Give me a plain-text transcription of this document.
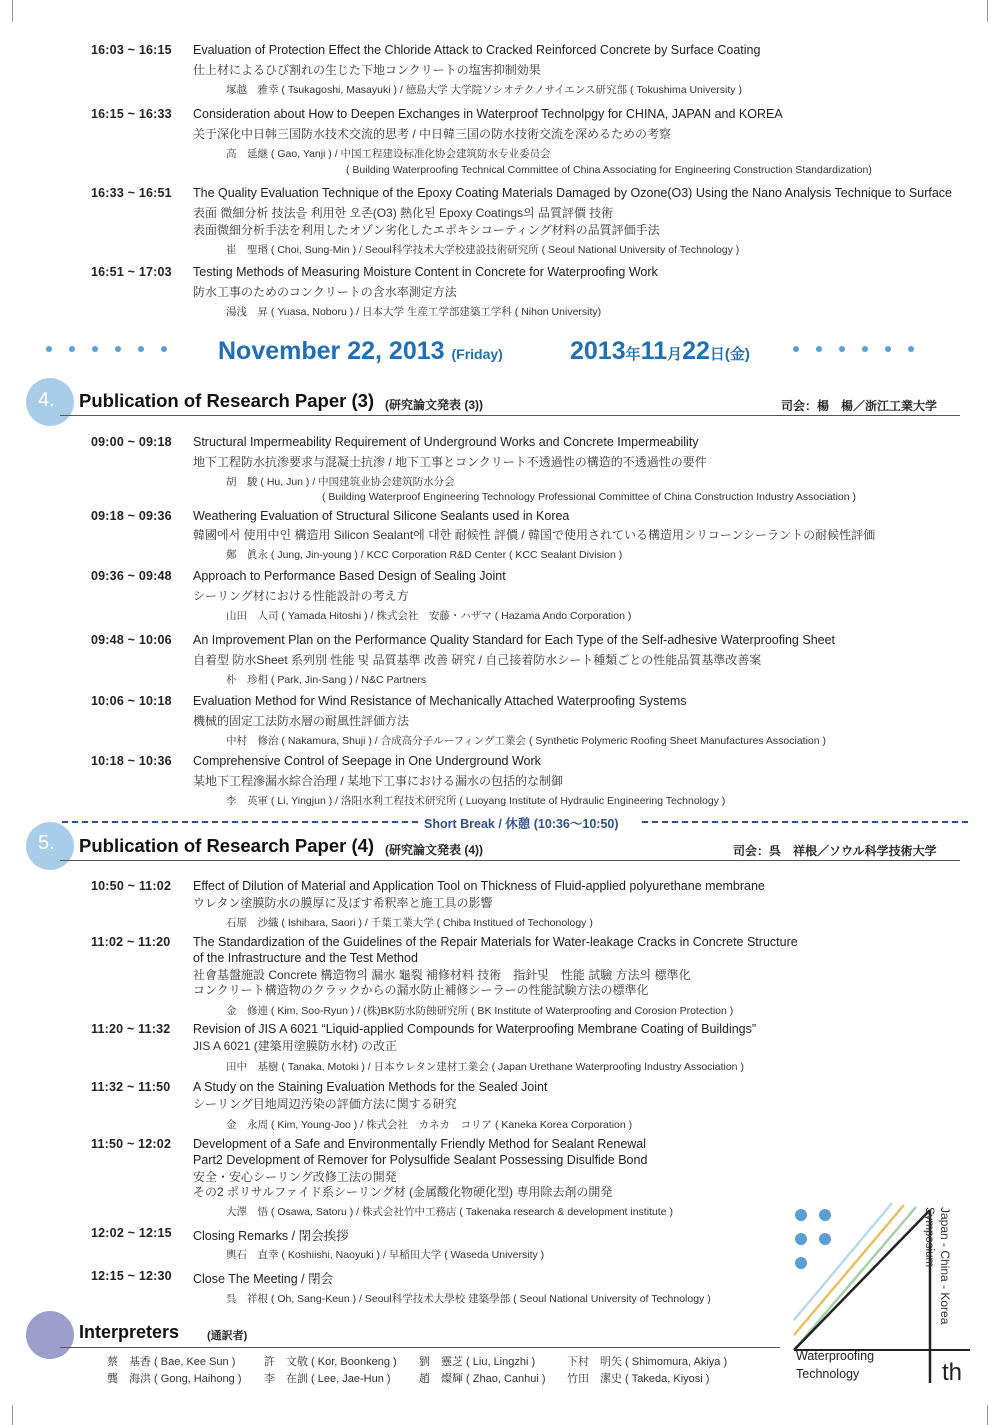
16:03 ~ 16:15 Evaluation of Protection Effect the Chloride Attack to Cracked Reinforced Concrete by Surface Coating
仕上材によるひび割れの生じた下地コンクリートの塩害抑制効果
塚越　雅幸 ( Tsukagoshi, Masayuki ) / 徳島大学 大学院ソシオテクノサイエンス研究部 ( Tokushima University )
16:15 ~ 16:33 Consideration about How to Deepen Exchanges in Waterproof Technolpgy for CHINA, JAPAN and KOREA
关于深化中日韩三国防水技术交流的思考 / 中日韓三国の防水技術交流を深めるための考察
高　延継 ( Gao, Yanji ) / 中国工程建设标准化协会建筑防水专业委员会
( Building Waterproofing Technical Committee of China Associating for Engineering Construction Standardization)
16:33 ~ 16:51 The Quality Evaluation Technique of the Epoxy Coating Materials Damaged by Ozone(O3) Using the Nano Analysis Technique to Surface
表面 微細分析 技法을 利用한 오존(O3) 熱化된 Epoxy Coatings의 品質評價 技術
表面微細分析手法を利用したオゾン劣化したエポキシコーティング材料の品質評価手法
崔　聖瑉 ( Choi, Sung-Min ) / Seoul科学技术大学校建設技術研究所 ( Seoul National University of Technology )
16:51 ~ 17:03 Testing Methods of Measuring Moisture Content in Concrete for Waterproofing Work
防水工事のためのコンクリートの含水率測定方法
湯浅　昇 ( Yuasa, Noboru ) / 日本大学 生産工学部建築工学科 ( Nihon University)
November 22, 2013 (Friday)	2013年11月22日(金)
4. Publication of Research Paper (3) (研究論文発表 (3))	司会：楊　楊／浙江工業大学
09:00 ~ 09:18 Structural Impermeability Requirement of Underground Works and Concrete Impermeability
地下工程防水抗渗要求与混凝土抗渗 / 地下工事とコンクリート不透過性の構造的不透過性の要件
胡　駿 ( Hu, Jun ) / 中国建筑业协会建筑防水分会
( Building Waterproof Engineering Technology Professional Committee of China Construction Industry Association )
09:18 ~ 09:36 Weathering Evaluation of Structural Silicone Sealants used in Korea
韓國에서 使用中인 構造用 Silicon Sealant에 대한 耐候性 評價 / 韓国で使用されている構造用シリコーンシーラントの耐候性評価
鄭　眞永 ( Jung, Jin-young ) / KCC Corporation R&D Center ( KCC Sealant Division )
09:36 ~ 09:48 Approach to Performance Based Design of Sealing Joint
シーリング材における性能設計の考え方
山田　人司 ( Yamada Hitoshi ) / 株式会社　安藤・ハザマ ( Hazama Ando Corporation )
09:48 ~ 10:06 An Improvement Plan on the Performance Quality Standard for Each Type of the Self-adhesive Waterproofing Sheet
自着型 防水Sheet 系列別 性能 및 品質基準 改善 硏究 / 自己接着防水シート種類ごとの性能品質基準改善案
朴　珍相 ( Park, Jin-Sang ) / N&C Partners
10:06 ~ 10:18 Evaluation Method for Wind Resistance of Mechanically Attached Waterproofing Systems
機械的固定工法防水層の耐風性評価方法
中村　修治 ( Nakamura, Shuji ) / 合成高分子ルーフィング工業会 ( Synthetic Polymeric Roofing Sheet Manufactures Association )
10:18 ~ 10:36 Comprehensive Control of Seepage in One Underground Work
某地下工程滲漏水綜合治理 / 某地下工事における漏水の包括的な制御
李　英軍 ( Li, Yingjun ) / 洛阳水利工程技术研究所 ( Luoyang Institute of Hydraulic Engineering Technology )
Short Break / 休憩 (10:36〜10:50)
5. Publication of Research Paper (4) (研究論文発表 (4))	司会：呉　祥根／ソウル科学技術大学
10:50 ~ 11:02 Effect of Dilution of Material and Application Tool on Thickness of Fluid-applied polyurethane membrane
ウレタン塗膜防水の膜厚に及ぼす希釈率と施工具の影響
石原　沙織 ( Ishihara, Saori ) / 千葉工業大学 ( Chiba Institued of Techonology )
11:02 ~ 11:20 The Standardization of the Guidelines of the Repair Materials for Water-leakage Cracks in Concrete Structure
of the Infrastructure and the Test Method
社會基盤施設 Concrete 構造物의 漏水 龜裂 補修材料 技術　指針및　性能 試驗 方法의 標準化
コンクリート構造物のクラックからの漏水防止補修シーラーの性能試験方法の標準化
金　修連 ( Kim, Soo-Ryun ) / (株)BK防水防蝕研究所 ( BK Institute of Waterproofing and Corosion Protection )
11:20 ~ 11:32 Revision of JIS A 6021 “Liquid-applied Compounds for Waterproofing Membrane Coating of Buildings”
JIS A 6021 (建築用塗膜防水材) の改正
田中　基樹 ( Tanaka, Motoki ) / 日本ウレタン建材工業会 ( Japan Urethane Waterproofing Industry Association )
11:32 ~ 11:50 A Study on the Staining Evaluation Methods for the Sealed Joint
シーリング目地周辺汚染の評価方法に関する研究
金　永周 ( Kim, Young-Joo ) / 株式会社　カネカ　コリア ( Kaneka Korea Corporation )
11:50 ~ 12:02 Development of a Safe and Environmentally Friendly Method for Sealant Renewal
Part2 Development of Remover for Polysulfide Sealant Possessing Disulfide Bond
安全・安心シーリング改修工法の開発
その2 ポリサルファイド系シーリング材 (金属酸化物硬化型) 専用除去剤の開発
大澤　悟 ( Osawa, Satoru ) / 株式会社竹中工務店 ( Takenaka research & development institute )
12:02 ~ 12:15 Closing Remarks / 閉会挨拶
輿石　直幸 ( Koshiishi, Naoyuki ) / 早稲田大学 ( Waseda University )
12:15 ~ 12:30 Close The Meeting / 閉会
呉　祥根 ( Oh, Sang-Keun ) / Seoul科学技术大學校 建築學部 ( Seoul National University of Technology )
Interpreters	(通訳者)
蔡　基香 ( Bae, Kee Sun )	許　文敬 ( Kor, Boonkeng ) 劉　靈芝 ( Liu, Lingzhi )	下村　明矢 ( Shimomura, Akiya )
龔　海洪 ( Gong, Haihong ) 李　在訓 ( Lee, Jae-Hun )	趙　燦輝 ( Zhao, Canhui ) 竹田　潔史 ( Takeda, Kiyosi )
Japan - China - Korea
Symposium
Waterproofing
Technology	th
